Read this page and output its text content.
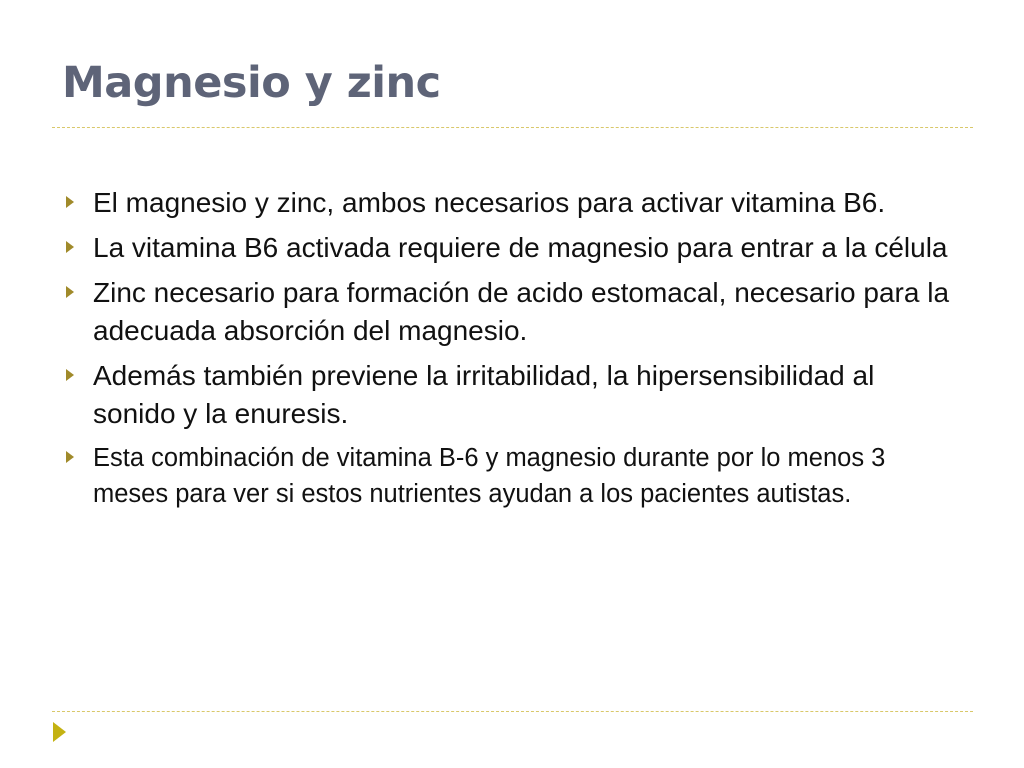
Magnesio y zinc
El magnesio y zinc, ambos necesarios para activar vitamina B6.
La vitamina B6 activada requiere de magnesio para entrar a la célula
Zinc necesario para formación de acido estomacal, necesario para la adecuada absorción del magnesio.
Además también previene la irritabilidad, la hipersensibilidad al sonido y la enuresis.
Esta combinación de vitamina B-6 y magnesio durante por lo menos 3 meses para ver si estos nutrientes ayudan a los pacientes autistas.
